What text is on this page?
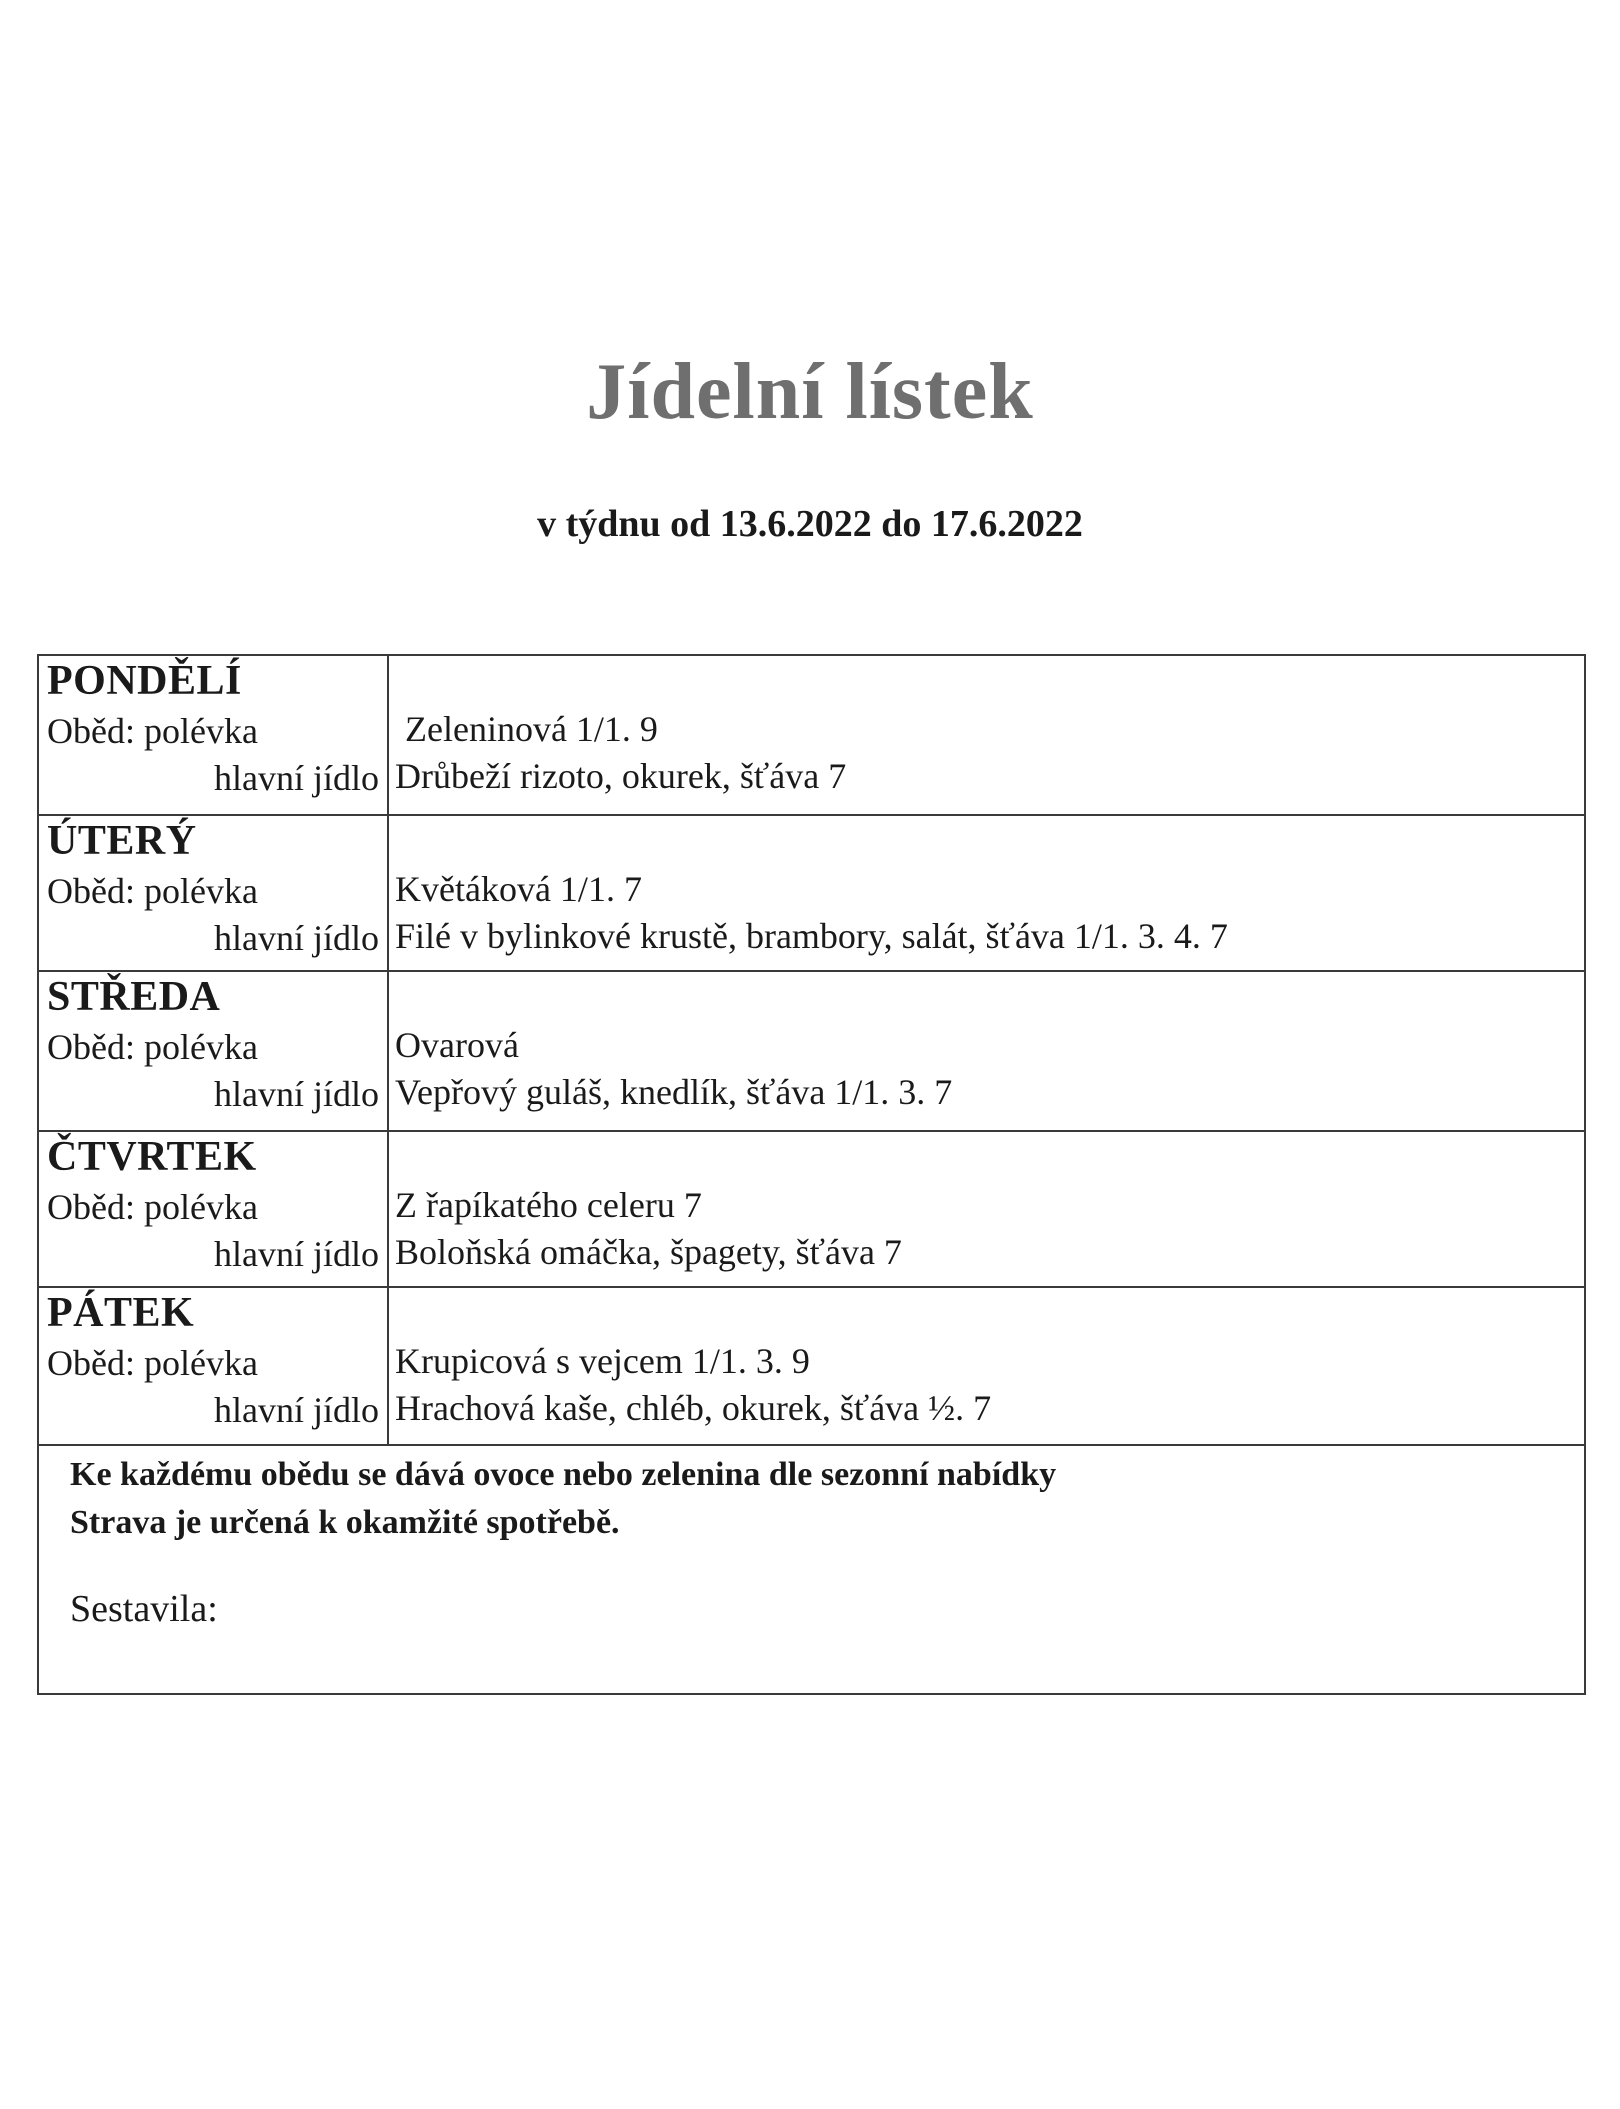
Jídelní lístek
v týdnu od 13.6.2022 do 17.6.2022
PONDĚLÍ
Oběd: polévka
hlavní jídlo
Zeleninová 1/1. 9
Drůbeží rizoto, okurek, šťáva 7
ÚTERÝ
Oběd: polévka
hlavní jídlo
Květáková 1/1. 7
Filé v bylinkové krustě, brambory, salát, šťáva 1/1. 3. 4. 7
STŘEDA
Oběd: polévka
hlavní jídlo
Ovarová
Vepřový guláš, knedlík, šťáva 1/1. 3. 7
ČTVRTEK
Oběd: polévka
hlavní jídlo
Z řapíkatého celeru 7
Boloňská omáčka, špagety, šťáva 7
PÁTEK
Oběd: polévka
hlavní jídlo
Krupicová s vejcem 1/1. 3. 9
Hrachová kaše, chléb, okurek, šťáva ½. 7
Ke každému obědu se dává ovoce nebo zelenina dle sezonní nabídky
Strava je určená k okamžité spotřebě.
Sestavila:
